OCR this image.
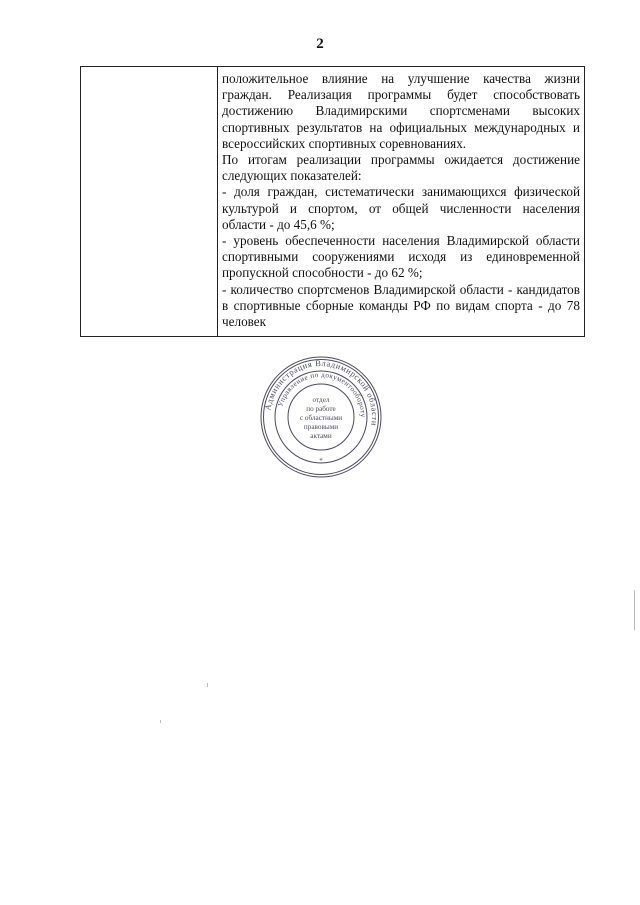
2

положительное влияние на улучшение качества жизни граждан. Реализация программы будет способствовать достижению Владимирскими спортсменами высоких спортивных результатов на официальных международных и всероссийских спортивных соревнованиях.

По итогам реализации программы ожидается достижение следующих показателей:

- доля граждан, систематически занимающихся физической культурой и спортом, от общей численности населения области - до 45,6 %;

- уровень обеспеченности населения Владимирской области спортивными сооружениями исходя из единовременной пропускной способности - до 62 %;

- количество спортсменов Владимирской области - кандидатов в спортивные сборные команды РФ по видам спорта - до 78 человек

Администрация Владимирской области
Управление по документообороту
отдел
по работе
с областными
правовыми
актами
*
